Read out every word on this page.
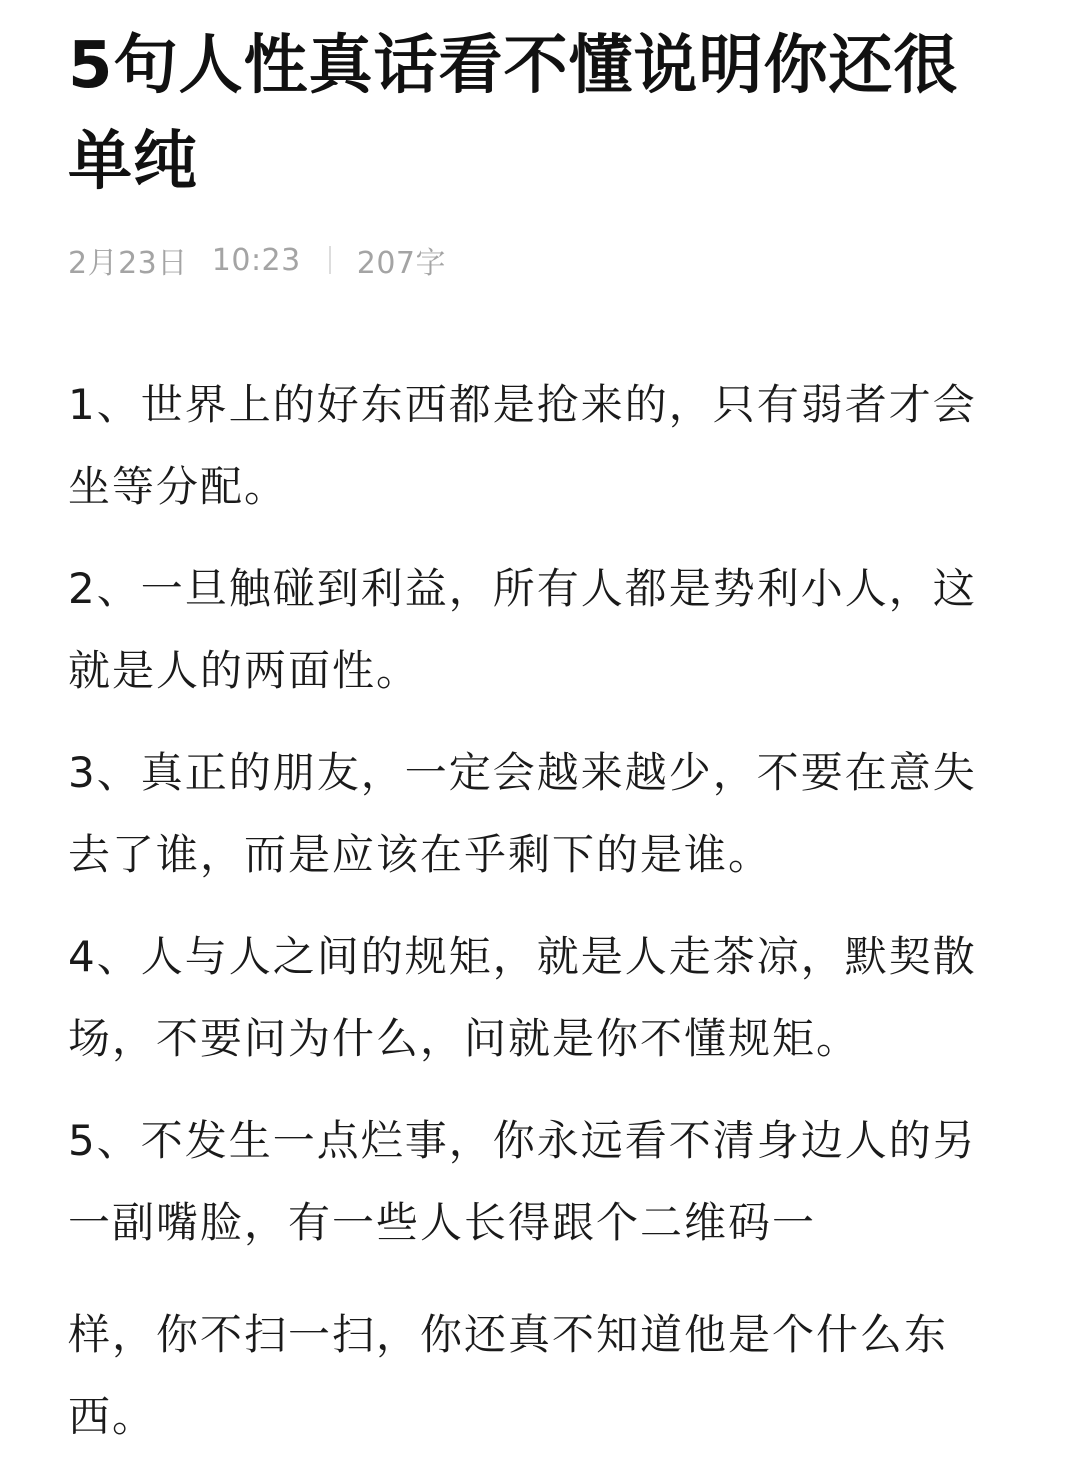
5句人性真话看不懂说明你还很单纯
2月23日 10:23 207字

1、世界上的好东西都是抢来的，只有弱者才会坐等分配。

2、一旦触碰到利益，所有人都是势利小人，这就是人的两面性。

3、真正的朋友，一定会越来越少，不要在意失去了谁，而是应该在乎剩下的是谁。

4、人与人之间的规矩，就是人走茶凉，默契散场，不要问为什么，问就是你不懂规矩。

5、不发生一点烂事，你永远看不清身边人的另一副嘴脸，有一些人长得跟个二维码一

样，你不扫一扫，你还真不知道他是个什么东西。
